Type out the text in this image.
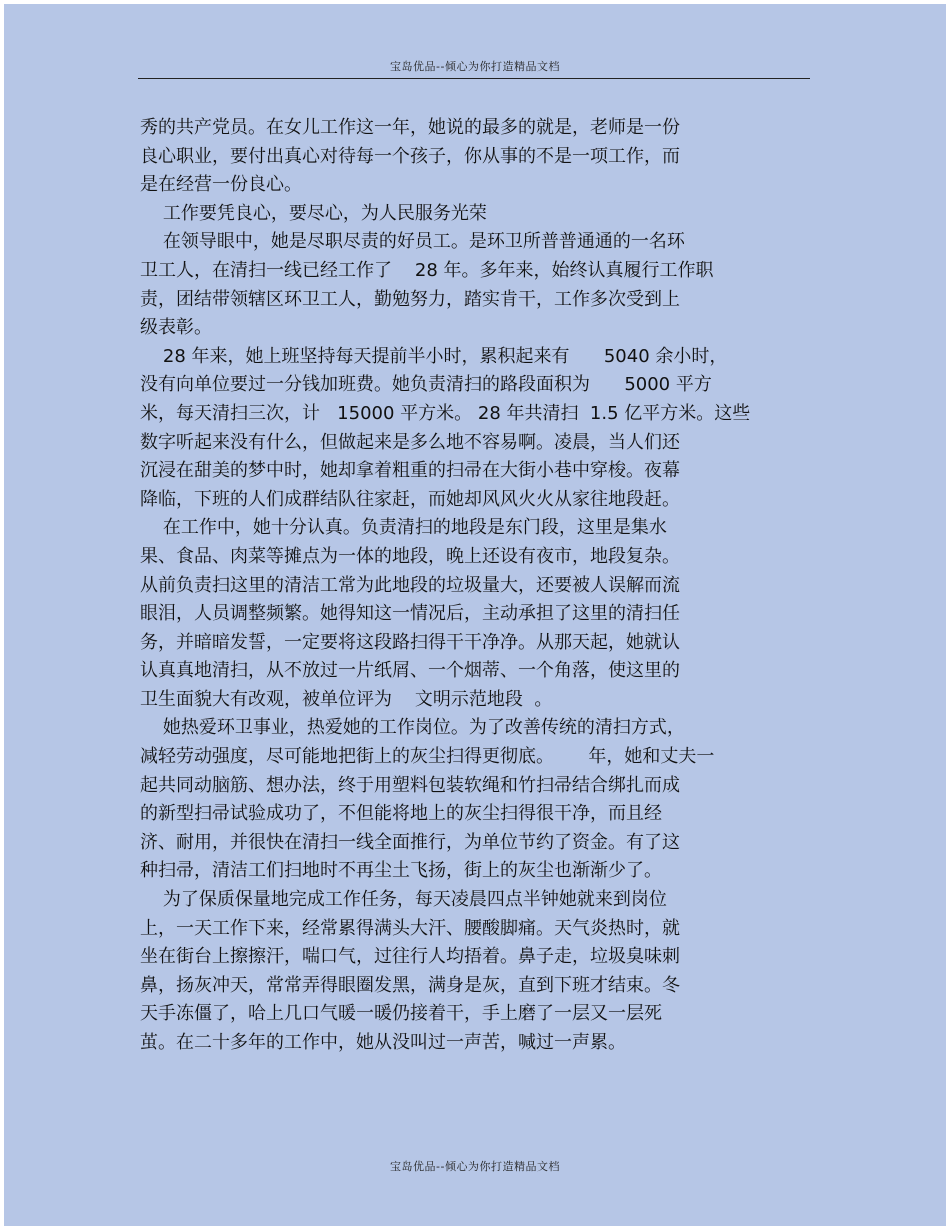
宝岛优品--倾心为你打造精品文档
秀的共产党员。在女儿工作这一年，她说的最多的就是，老师是一份
良心职业，要付出真心对待每一个孩子，你从事的不是一项工作，而
是在经营一份良心。
工作要凭良心，要尽心，为人民服务光荣
在领导眼中，她是尽职尽责的好员工。是环卫所普普通通的一名环
卫工人，在清扫一线已经工作了    28 年。多年来，始终认真履行工作职
责，团结带领辖区环卫工人，勤勉努力，踏实肯干，工作多次受到上
级表彰。
28 年来，她上班坚持每天提前半小时，累积起来有      5040 余小时，
没有向单位要过一分钱加班费。她负责清扫的路段面积为      5000 平方
米，每天清扫三次，计   15000 平方米。 28 年共清扫  1.5 亿平方米。这些
数字听起来没有什么，但做起来是多么地不容易啊。凌晨，当人们还
沉浸在甜美的梦中时，她却拿着粗重的扫帚在大街小巷中穿梭。夜幕
降临，下班的人们成群结队往家赶，而她却风风火火从家往地段赶。
在工作中，她十分认真。负责清扫的地段是东门段，这里是集水
果、食品、肉菜等摊点为一体的地段，晚上还设有夜市，地段复杂。
从前负责扫这里的清洁工常为此地段的垃圾量大，还要被人误解而流
眼泪，人员调整频繁。她得知这一情况后，主动承担了这里的清扫任
务，并暗暗发誓，一定要将这段路扫得干干净净。从那天起，她就认
认真真地清扫，从不放过一片纸屑、一个烟蒂、一个角落，使这里的
卫生面貌大有改观，被单位评为    文明示范地段  。
她热爱环卫事业，热爱她的工作岗位。为了改善传统的清扫方式，
减轻劳动强度，尽可能地把街上的灰尘扫得更彻底。      年，她和丈夫一
起共同动脑筋、想办法，终于用塑料包装软绳和竹扫帚结合绑扎而成
的新型扫帚试验成功了，不但能将地上的灰尘扫得很干净，而且经
济、耐用，并很快在清扫一线全面推行，为单位节约了资金。有了这
种扫帚，清洁工们扫地时不再尘土飞扬，街上的灰尘也渐渐少了。
为了保质保量地完成工作任务，每天凌晨四点半钟她就来到岗位
上，一天工作下来，经常累得满头大汗、腰酸脚痛。天气炎热时，就
坐在街台上擦擦汗，喘口气，过往行人均捂着。鼻子走，垃圾臭味刺
鼻，扬灰冲天，常常弄得眼圈发黑，满身是灰，直到下班才结束。冬
天手冻僵了，哈上几口气暖一暖仍接着干，手上磨了一层又一层死
茧。在二十多年的工作中，她从没叫过一声苦，喊过一声累。
宝岛优品--倾心为你打造精品文档
